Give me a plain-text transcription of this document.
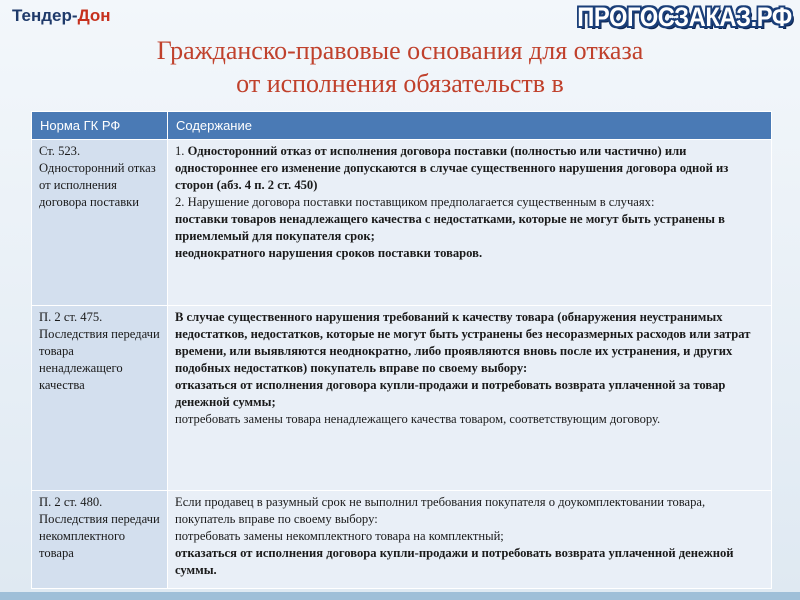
Тендер-Дон	ПРОГОСЗАКАЗ.РФ
Гражданско-правовые основания для отказа
от исполнения обязательств в
Норма ГК РФ	Содержание
Ст. 523. Односторонний отказ от исполнения договора поставки	1. Односторонний отказ от исполнения договора поставки (полностью или частично) или одностороннее его изменение допускаются в случае существенного нарушения договора одной из сторон (абз. 4 п. 2 ст. 450)
2. Нарушение договора поставки поставщиком предполагается существенным в случаях:
поставки товаров ненадлежащего качества с недостатками, которые не могут быть устранены в приемлемый для покупателя срок;
неоднократного нарушения сроков поставки товаров.

П. 2 ст. 475. Последствия передачи товара ненадлежащего качества	В случае существенного нарушения требований к качеству товара (обнаружения неустранимых недостатков, недостатков, которые не могут быть устранены без несоразмерных расходов или затрат времени, или выявляются неоднократно, либо проявляются вновь после их устранения, и других подобных недостатков) покупатель вправе по своему выбору:
отказаться от исполнения договора купли-продажи и потребовать возврата уплаченной за товар денежной суммы;
потребовать замены товара ненадлежащего качества товаром, соответствующим договору.

П. 2 ст. 480. Последствия передачи некомплектного товара	Если продавец в разумный срок не выполнил требования покупателя о доукомплектовании товара, покупатель вправе по своему выбору:
потребовать замены некомплектного товара на комплектный;
отказаться от исполнения договора купли-продажи и потребовать возврата уплаченной денежной суммы.
